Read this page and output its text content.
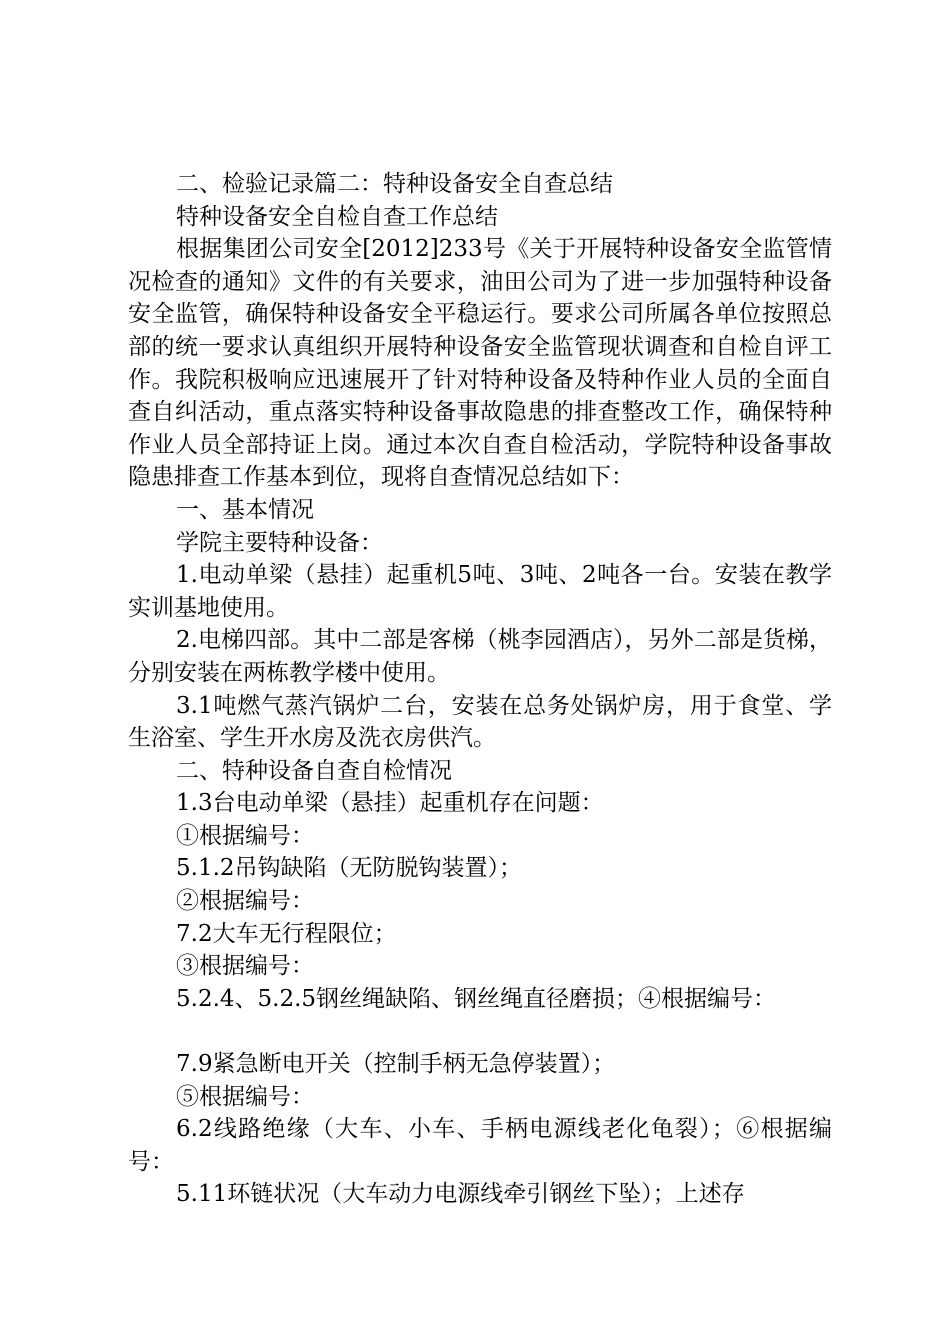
二、检验记录篇二：特种设备安全自查总结

特种设备安全自检自查工作总结

根据集团公司安全[2012]233号《关于开展特种设备安全监管情况检查的通知》文件的有关要求，油田公司为了进一步加强特种设备安全监管，确保特种设备安全平稳运行。要求公司所属各单位按照总部的统一要求认真组织开展特种设备安全监管现状调查和自检自评工作。我院积极响应迅速展开了针对特种设备及特种作业人员的全面自查自纠活动，重点落实特种设备事故隐患的排查整改工作，确保特种作业人员全部持证上岗。通过本次自查自检活动，学院特种设备事故隐患排查工作基本到位，现将自查情况总结如下：

一、基本情况

学院主要特种设备：

1.电动单梁（悬挂）起重机5吨、3吨、2吨各一台。安装在教学实训基地使用。

2.电梯四部。其中二部是客梯（桃李园酒店），另外二部是货梯，分别安装在两栋教学楼中使用。

3.1吨燃气蒸汽锅炉二台，安装在总务处锅炉房，用于食堂、学生浴室、学生开水房及洗衣房供汽。

二、特种设备自查自检情况

1.3台电动单梁（悬挂）起重机存在问题：

①根据编号：

5.1.2吊钩缺陷（无防脱钩装置）；

②根据编号：

7.2大车无行程限位；

③根据编号：

5.2.4、5.2.5钢丝绳缺陷、钢丝绳直径磨损；④根据编号：

7.9紧急断电开关（控制手柄无急停装置）；

⑤根据编号：

6.2线路绝缘（大车、小车、手柄电源线老化龟裂）；⑥根据编号：

5.11环链状况（大车动力电源线牵引钢丝下坠）；上述存
